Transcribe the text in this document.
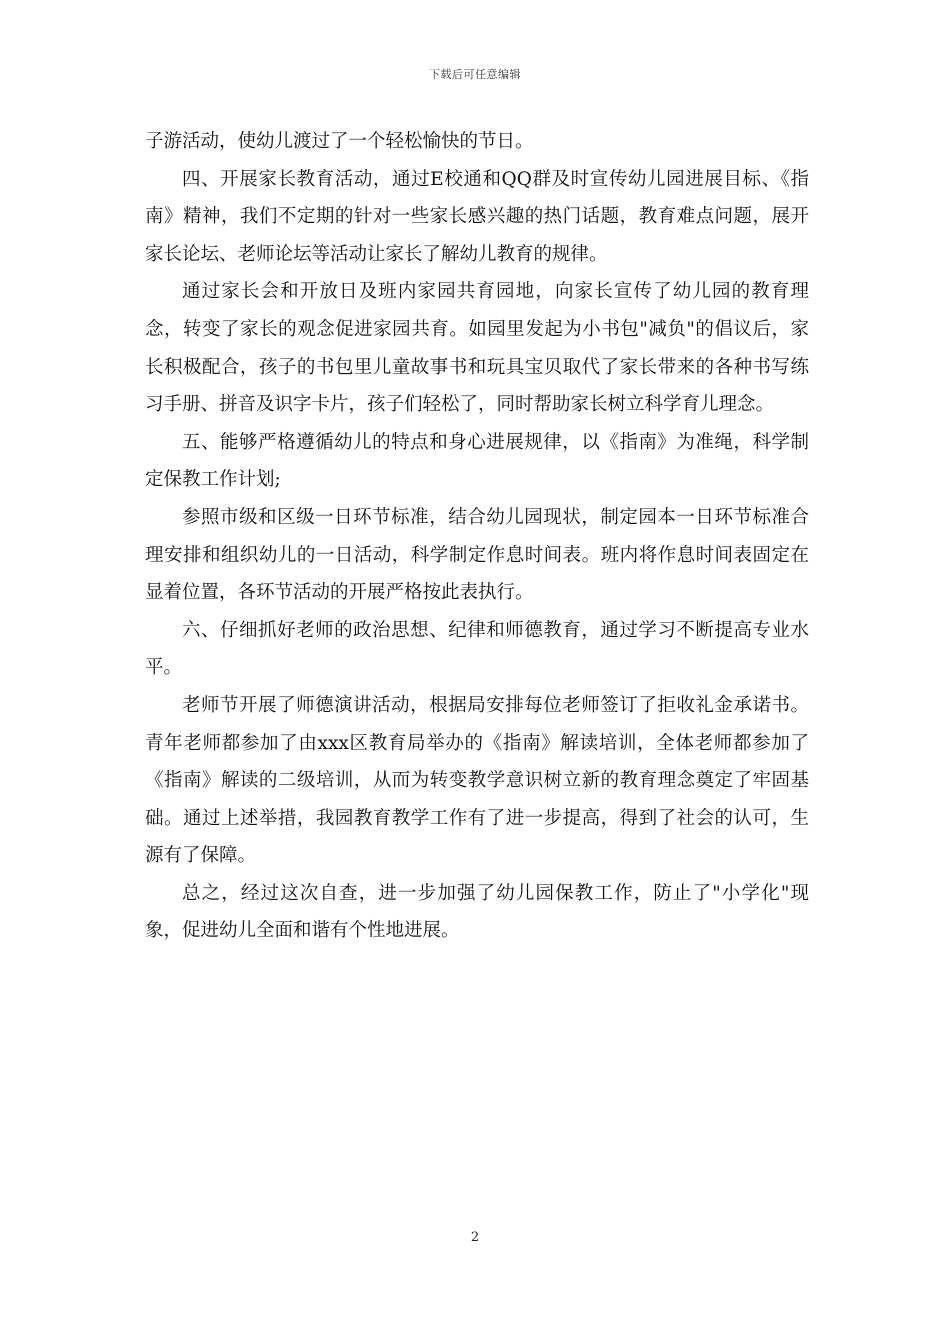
下载后可任意编辑

子游活动，使幼儿渡过了一个轻松愉快的节日。

四、开展家长教育活动，通过E校通和QQ群及时宣传幼儿园进展目标、《指南》精神，我们不定期的针对一些家长感兴趣的热门话题，教育难点问题，展开家长论坛、老师论坛等活动让家长了解幼儿教育的规律。

通过家长会和开放日及班内家园共育园地，向家长宣传了幼儿园的教育理念，转变了家长的观念促进家园共育。如园里发起为小书包"减负"的倡议后，家长积极配合，孩子的书包里儿童故事书和玩具宝贝取代了家长带来的各种书写练习手册、拼音及识字卡片，孩子们轻松了，同时帮助家长树立科学育儿理念。

五、能够严格遵循幼儿的特点和身心进展规律，以《指南》为准绳，科学制定保教工作计划;

参照市级和区级一日环节标准，结合幼儿园现状，制定园本一日环节标准合理安排和组织幼儿的一日活动，科学制定作息时间表。班内将作息时间表固定在显着位置，各环节活动的开展严格按此表执行。

六、仔细抓好老师的政治思想、纪律和师德教育，通过学习不断提高专业水平。

老师节开展了师德演讲活动，根据局安排每位老师签订了拒收礼金承诺书。青年老师都参加了由xxx区教育局举办的《指南》解读培训，全体老师都参加了《指南》解读的二级培训，从而为转变教学意识树立新的教育理念奠定了牢固基础。通过上述举措，我园教育教学工作有了进一步提高，得到了社会的认可，生源有了保障。

总之，经过这次自查，进一步加强了幼儿园保教工作，防止了"小学化"现象，促进幼儿全面和谐有个性地进展。

2
